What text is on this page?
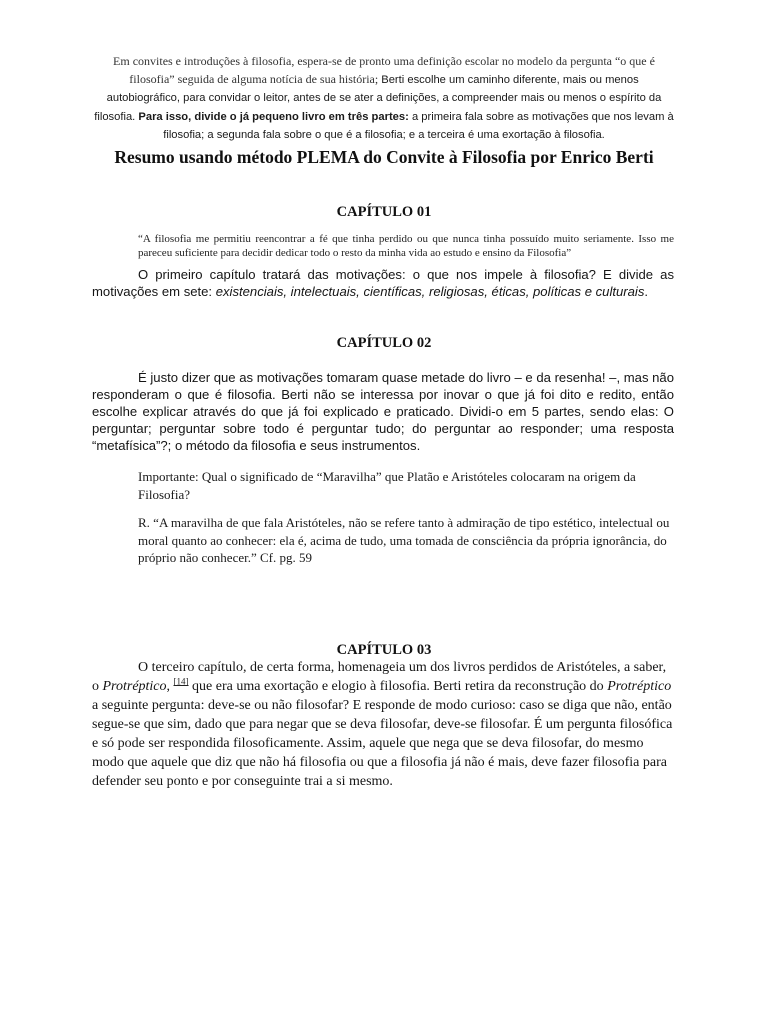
Em convites e introduções à filosofia, espera-se de pronto uma definição escolar no modelo da pergunta “o que é filosofia” seguida de alguma notícia de sua história; Berti escolhe um caminho diferente, mais ou menos autobiográfico, para convidar o leitor, antes de se ater a definições, a compreender mais ou menos o espírito da filosofia. Para isso, divide o já pequeno livro em três partes: a primeira fala sobre as motivações que nos levam à filosofia; a segunda fala sobre o que é a filosofia; e a terceira é uma exortação à filosofia.

Resumo usando método PLEMA do Convite à Filosofia por Enrico Berti
CAPÍTULO 01

“A filosofia me permitiu reencontrar a fé que tinha perdido ou que nunca tinha possuído muito seriamente. Isso me pareceu suficiente para decidir dedicar todo o resto da minha vida ao estudo e ensino da Filosofia”

O primeiro capítulo tratará das motivações: o que nos impele à filosofia? E divide as motivações em sete: existenciais, intelectuais, científicas, religiosas, éticas, políticas e culturais.

CAPÍTULO 02

É justo dizer que as motivações tomaram quase metade do livro – e da resenha! –, mas não responderam o que é filosofia. Berti não se interessa por inovar o que já foi dito e redito, então escolhe explicar através do que já foi explicado e praticado. Dividi-o em 5 partes, sendo elas: O perguntar; perguntar sobre todo é perguntar tudo; do perguntar ao responder; uma resposta “metafísica”?; o método da filosofia e seus instrumentos.

Importante: Qual o significado de “Maravilha” que Platão e Aristóteles colocaram na origem da Filosofia?

R. “A maravilha de que fala Aristóteles, não se refere tanto à admiração de tipo estético, intelectual ou moral quanto ao conhecer: ela é, acima de tudo, uma tomada de consciência da própria ignorância, do próprio não conhecer.” Cf. pg. 59

CAPÍTULO 03

O terceiro capítulo, de certa forma, homenageia um dos livros perdidos de Aristóteles, a saber, o Protréptico, [14] que era uma exortação e elogio à filosofia. Berti retira da reconstrução do Protréptico a seguinte pergunta: deve-se ou não filosofar? E responde de modo curioso: caso se diga que não, então segue-se que sim, dado que para negar que se deva filosofar, deve-se filosofar. É um pergunta filosófica e só pode ser respondida filosoficamente. Assim, aquele que nega que se deva filosofar, do mesmo modo que aquele que diz que não há filosofia ou que a filosofia já não é mais, deve fazer filosofia para defender seu ponto e por conseguinte trai a si mesmo.
